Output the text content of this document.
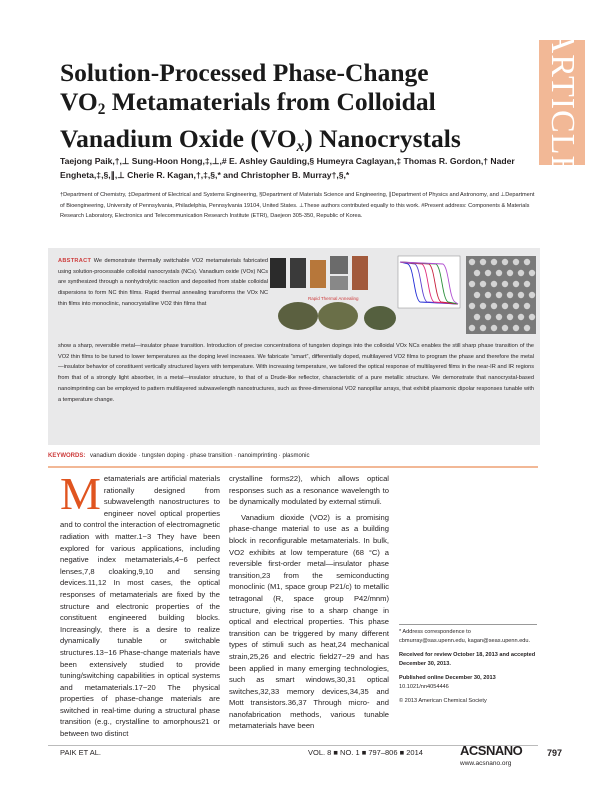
ARTICLE
Solution-Processed Phase-Change
$VO_2$ Metamaterials from Colloidal
Vanadium Oxide $(VO_x)$ Nanocrystals
Taejong Paik,†,⊥ Sung-Hoon Hong,‡,⊥,# E. Ashley Gaulding,§ Humeyra Caglayan,‡ Thomas R. Gordon,† Nader Engheta,‡,§,∥,⊥ Cherie R. Kagan,†,‡,§,* and Christopher B. Murray†,§,*
†Department of Chemistry, ‡Department of Electrical and Systems Engineering, §Department of Materials Science and Engineering, ∥Department of Physics and Astronomy, and ⊥Department of Bioengineering, University of Pennsylvania, Philadelphia, Pennsylvania 19104, United States. ⊥These authors contributed equally to this work. #Present address: Components & Materials Research Laboratory, Electronics and Telecommunication Research Institute (ETRI), Daejeon 305-350, Republic of Korea.
Rapid Thermal Annealing
ABSTRACT We demonstrate thermally switchable VO2 metamaterials fabricated using solution-processable colloidal nanocrystals (NCs). Vanadium oxide (VOx) NCs are synthesized through a nonhydrolytic reaction and deposited from stable colloidal dispersions to form NC thin films. Rapid thermal annealing transforms the VOx NC thin films into monoclinic, nanocrystalline VO2 thin films that
show a sharp, reversible metal—insulator phase transition. Introduction of precise concentrations of tungsten dopings into the colloidal VOx NCs enables the still sharp phase transition of the VO2 thin films to be tuned to lower temperatures as the doping level increases. We fabricate “smart”, differentially doped, multilayered VO2 films to program the phase and therefore the metal—insulator behavior of constituent vertically structured layers with temperature. With increasing temperature, we tailored the optical response of multilayered films in the near-IR and IR regions from that of a strongly light absorber, in a metal—insulator structure, to that of a Drude-like reflector, characteristic of a pure metallic structure. We demonstrate that nanocrystal-based nanoimprinting can be employed to pattern multilayered subwavelength nanostructures, such as three-dimensional VO2 nanopillar arrays, that exhibit plasmonic dipolar responses tunable with a temperature change.
KEYWORDS: vanadium dioxide · tungsten doping · phase transition · nanoimprinting · plasmonic
Metamaterials are artificial materials rationally designed from subwavelength nanostructures to engineer novel optical properties and to control the interaction of electromagnetic radiation with matter.1−3 They have been explored for various applications, including negative index metamaterials,4−6 perfect lenses,7,8 cloaking,9,10 and sensing devices.11,12 In most cases, the optical responses of metamaterials are fixed by the structure and electronic properties of the constituent engineered building blocks. Increasingly, there is a desire to realize dynamically tunable or switchable structures.13−16 Phase-change materials have been extensively studied to provide tuning/switching capabilities in optical systems and metamaterials.17−20 The physical properties of phase-change materials are switched in real-time during a structural phase transition (e.g., crystalline to amorphous21 or between two distinct
crystalline forms22), which allows optical responses such as a resonance wavelength to be dynamically modulated by external stimuli.
Vanadium dioxide (VO2) is a promising phase-change material to use as a building block in reconfigurable metamaterials. In bulk, VO2 exhibits at low temperature (68 °C) a reversible first-order metal—insulator phase transition,23 from the semiconducting monoclinic (M1, space group P21/c) to metallic tetragonal (R, space group P42/mnm) structure, giving rise to a sharp change in optical and electrical properties. This phase transition can be triggered by many different types of stimuli such as heat,24 mechanical strain,25,26 and electric field27−29 and has been applied in many emerging technologies, such as smart windows,30,31 optical switches,32,33 memory devices,34,35 and Mott transistors.36,37 Through micro- and nanofabrication methods, various tunable metamaterials have been
* Address correspondence to
cbmurray@sas.upenn.edu, kagan@seas.upenn.edu.
Received for review October 18, 2013 and accepted December 30, 2013.
Published online December 30, 2013
10.1021/nn4054446
© 2013 American Chemical Society
PAIK ET AL.	VOL. 8 ■ NO. 1 ■ 797–806 ■ 2014	ACSNANO
www.acsnano.org
797
